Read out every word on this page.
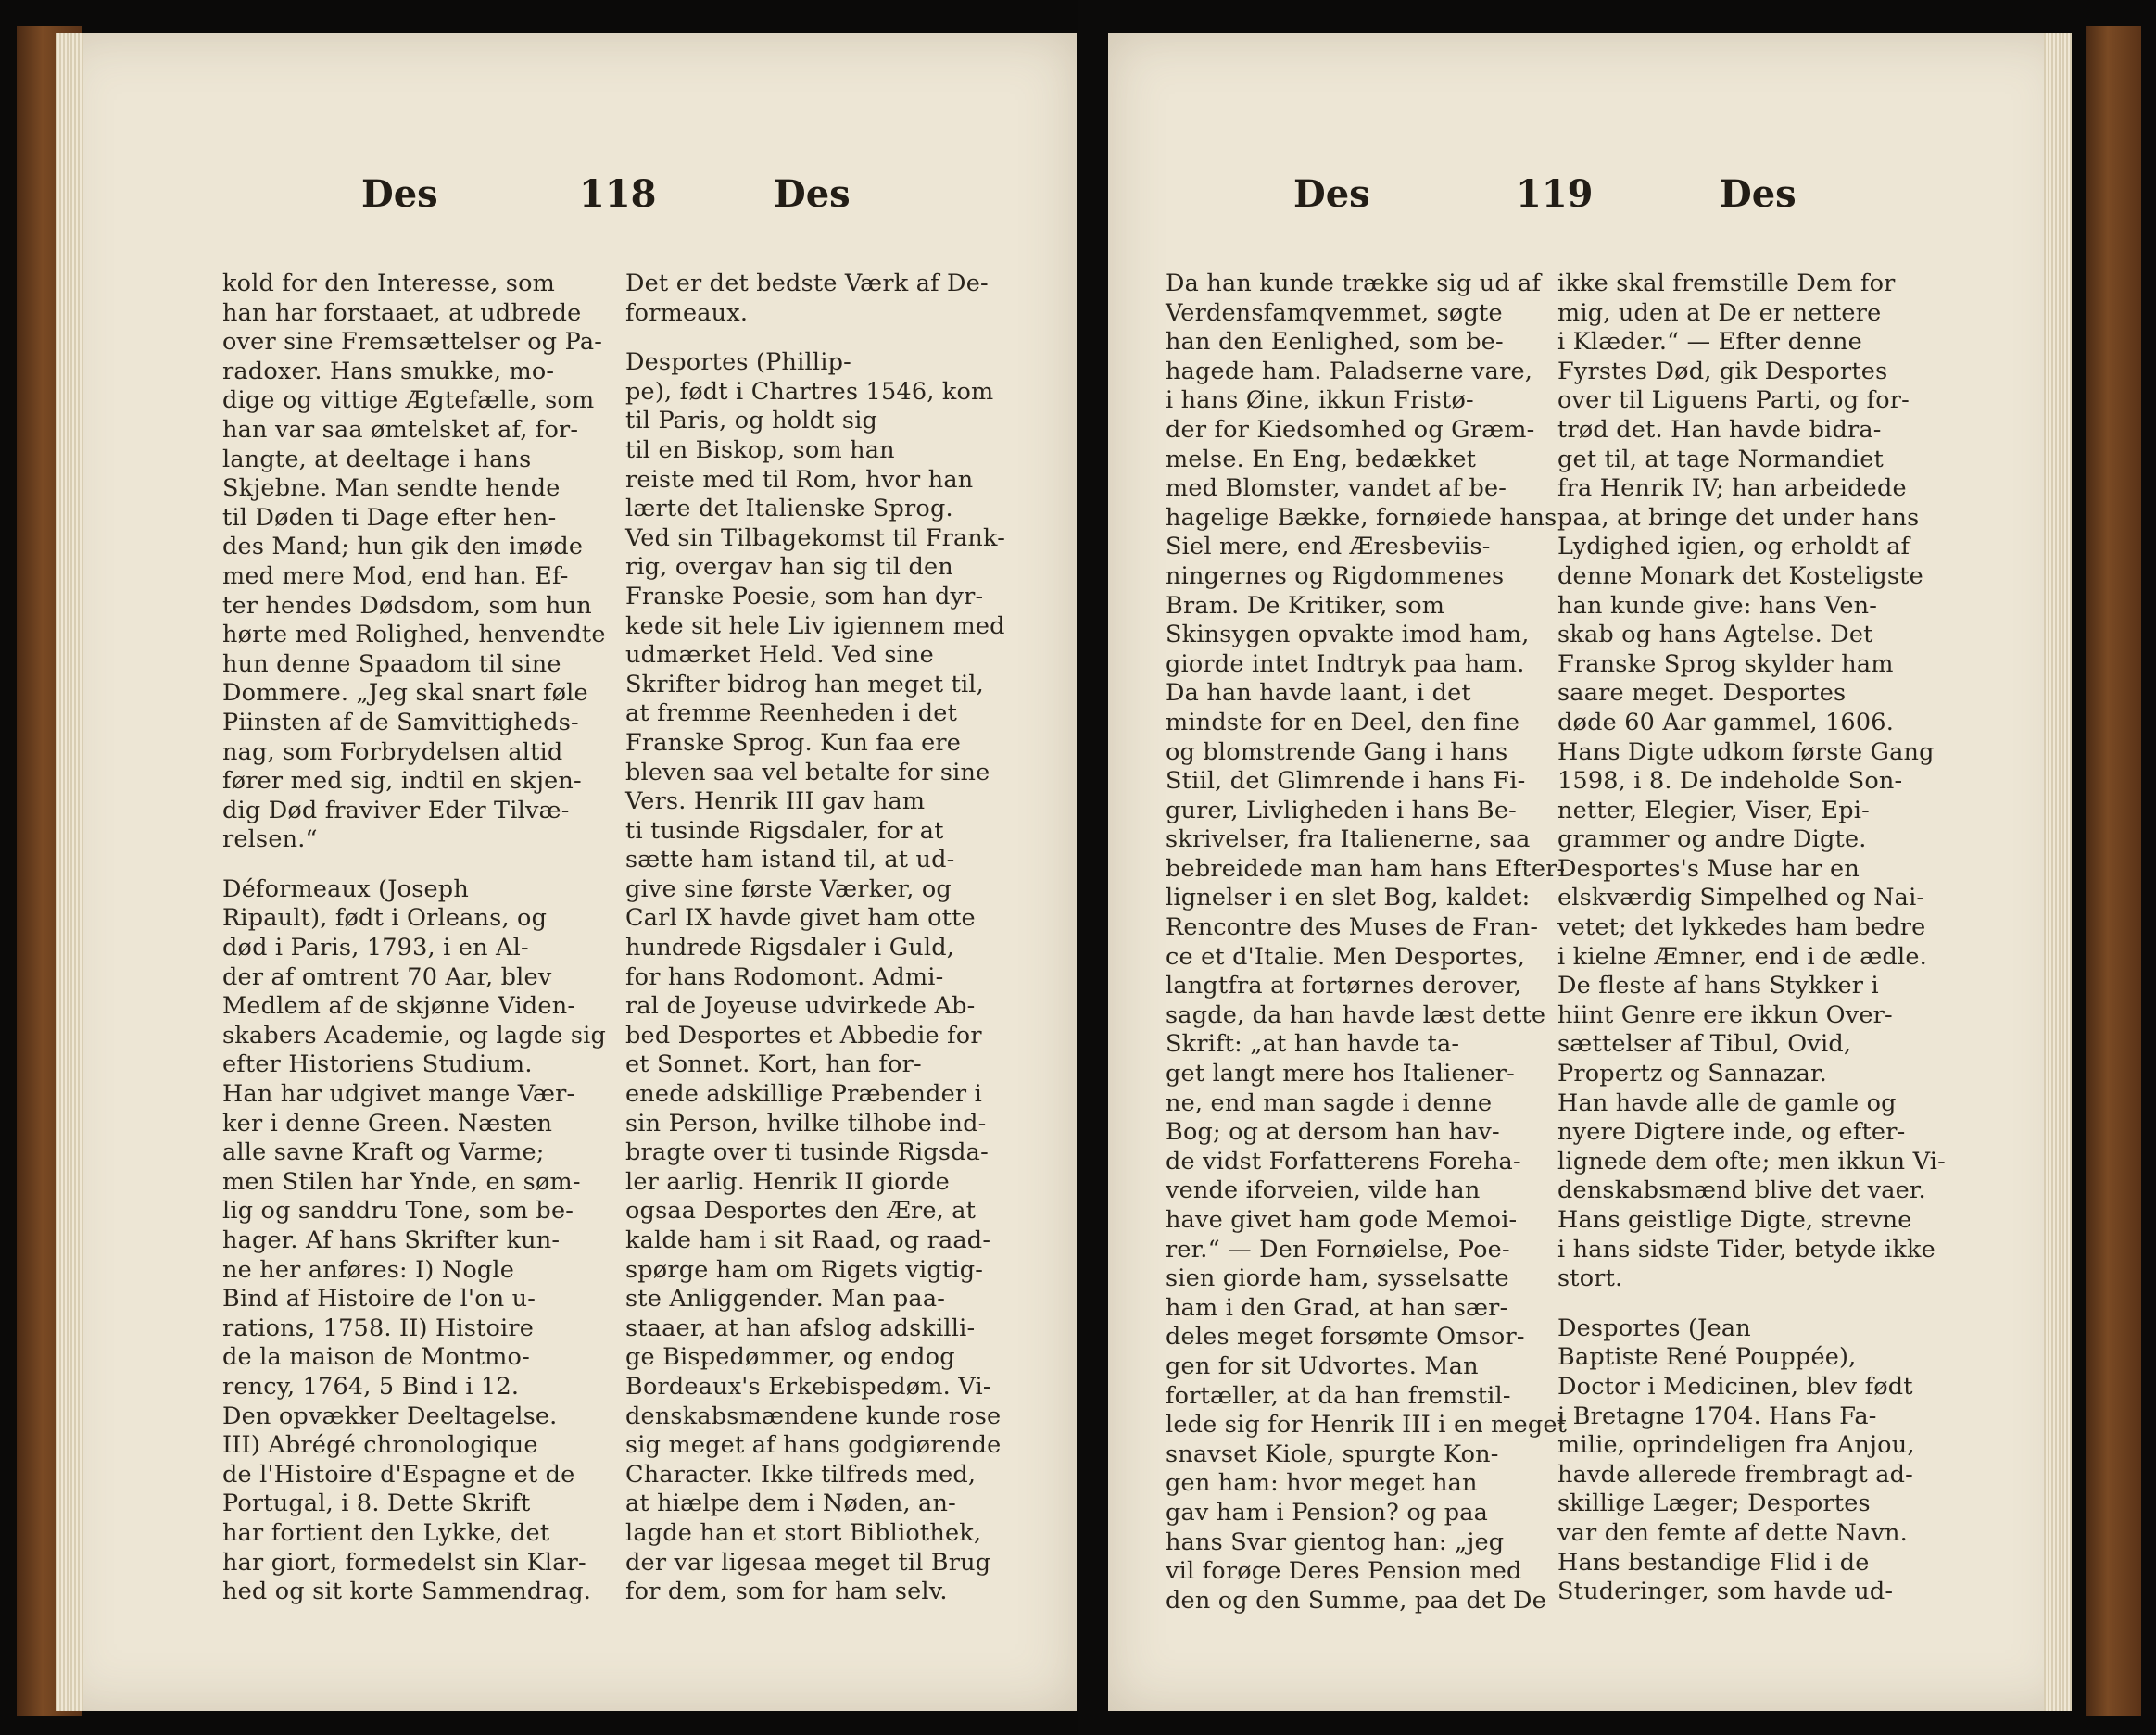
Des	118	Des
kold for den Interesse, som
han har forstaaet, at udbrede
over sine Fremsættelser og Pa-
radoxer. Hans smukke, mo-
dige og vittige Ægtefælle, som
han var saa ømtelsket af, for-
langte, at deeltage i hans
Skjebne. Man sendte hende
til Døden ti Dage efter hen-
des Mand; hun gik den imøde
med mere Mod, end han. Ef-
ter hendes Dødsdom, som hun
hørte med Rolighed, henvendte
hun denne Spaadom til sine
Dommere. „Jeg skal snart føle
Piinsten af de Samvittigheds-
nag, som Forbrydelsen altid
fører med sig, indtil en skjen-
dig Død fraviver Eder Tilvæ-
relsen.“
Déformeaux (Joseph
Ripault), født i Orleans, og
død i Paris, 1793, i en Al-
der af omtrent 70 Aar, blev
Medlem af de skjønne Viden-
skabers Academie, og lagde sig
efter Historiens Studium.
Han har udgivet mange Vær-
ker i denne Green. Næsten
alle savne Kraft og Varme;
men Stilen har Ynde, en søm-
lig og sanddru Tone, som be-
hager. Af hans Skrifter kun-
ne her anføres: I) Nogle
Bind af Histoire de l'on u-
rations, 1758. II) Histoire
de la maison de Montmo-
rency, 1764, 5 Bind i 12.
Den opvækker Deeltagelse.
III) Abrégé chronologique
de l'Histoire d'Espagne et de
Portugal, i 8. Dette Skrift
har fortient den Lykke, det
har giort, formedelst sin Klar-
hed og sit korte Sammendrag.
Det er det bedste Værk af De-
formeaux.
Desportes (Phillip-
pe), født i Chartres 1546, kom
til Paris, og holdt sig
til en Biskop, som han
reiste med til Rom, hvor han
lærte det Italienske Sprog.
Ved sin Tilbagekomst til Frank-
rig, overgav han sig til den
Franske Poesie, som han dyr-
kede sit hele Liv igiennem med
udmærket Held. Ved sine
Skrifter bidrog han meget til,
at fremme Reenheden i det
Franske Sprog. Kun faa ere
bleven saa vel betalte for sine
Vers. Henrik III gav ham
ti tusinde Rigsdaler, for at
sætte ham istand til, at ud-
give sine første Værker, og
Carl IX havde givet ham otte
hundrede Rigsdaler i Guld,
for hans Rodomont. Admi-
ral de Joyeuse udvirkede Ab-
bed Desportes et Abbedie for
et Sonnet. Kort, han for-
enede adskillige Præbender i
sin Person, hvilke tilhobe ind-
bragte over ti tusinde Rigsda-
ler aarlig. Henrik II giorde
ogsaa Desportes den Ære, at
kalde ham i sit Raad, og raad-
spørge ham om Rigets vigtig-
ste Anliggender. Man paa-
staaer, at han afslog adskilli-
ge Bispedømmer, og endog
Bordeaux's Erkebispedøm. Vi-
denskabsmændene kunde rose
sig meget af hans godgiørende
Character. Ikke tilfreds med,
at hiælpe dem i Nøden, an-
lagde han et stort Bibliothek,
der var ligesaa meget til Brug
for dem, som for ham selv.
Des	119	Des
Da han kunde trække sig ud af
Verdensfamqvemmet, søgte
han den Eenlighed, som be-
hagede ham. Paladserne vare,
i hans Øine, ikkun Fristø-
der for Kiedsomhed og Græm-
melse. En Eng, bedækket
med Blomster, vandet af be-
hagelige Bække, fornøiede hans
Siel mere, end Æresbeviis-
ningernes og Rigdommenes
Bram. De Kritiker, som
Skinsygen opvakte imod ham,
giorde intet Indtryk paa ham.
Da han havde laant, i det
mindste for en Deel, den fine
og blomstrende Gang i hans
Stiil, det Glimrende i hans Fi-
gurer, Livligheden i hans Be-
skrivelser, fra Italienerne, saa
bebreidede man ham hans Efter-
lignelser i en slet Bog, kaldet:
Rencontre des Muses de Fran-
ce et d'Italie. Men Desportes,
langtfra at fortørnes derover,
sagde, da han havde læst dette
Skrift: „at han havde ta-
get langt mere hos Italiener-
ne, end man sagde i denne
Bog; og at dersom han hav-
de vidst Forfatterens Foreha-
vende iforveien, vilde han
have givet ham gode Memoi-
rer.“ — Den Fornøielse, Poe-
sien giorde ham, sysselsatte
ham i den Grad, at han sær-
deles meget forsømte Omsor-
gen for sit Udvortes. Man
fortæller, at da han fremstil-
lede sig for Henrik III i en meget
snavset Kiole, spurgte Kon-
gen ham: hvor meget han
gav ham i Pension? og paa
hans Svar gientog han: „jeg
vil forøge Deres Pension med
den og den Summe, paa det De
ikke skal fremstille Dem for
mig, uden at De er nettere
i Klæder.“ — Efter denne
Fyrstes Død, gik Desportes
over til Liguens Parti, og for-
trød det. Han havde bidra-
get til, at tage Normandiet
fra Henrik IV; han arbeidede
paa, at bringe det under hans
Lydighed igien, og erholdt af
denne Monark det Kosteligste
han kunde give: hans Ven-
skab og hans Agtelse. Det
Franske Sprog skylder ham
saare meget. Desportes
døde 60 Aar gammel, 1606.
Hans Digte udkom første Gang
1598, i 8. De indeholde Son-
netter, Elegier, Viser, Epi-
grammer og andre Digte.
Desportes's Muse har en
elskværdig Simpelhed og Nai-
vetet; det lykkedes ham bedre
i kielne Æmner, end i de ædle.
De fleste af hans Stykker i
hiint Genre ere ikkun Over-
sættelser af Tibul, Ovid,
Propertz og Sannazar.
Han havde alle de gamle og
nyere Digtere inde, og efter-
lignede dem ofte; men ikkun Vi-
denskabsmænd blive det vaer.
Hans geistlige Digte, strevne
i hans sidste Tider, betyde ikke
stort.
Desportes (Jean
Baptiste René Pouppée),
Doctor i Medicinen, blev født
i Bretagne 1704. Hans Fa-
milie, oprindeligen fra Anjou,
havde allerede frembragt ad-
skillige Læger; Desportes
var den femte af dette Navn.
Hans bestandige Flid i de
Studeringer, som havde ud-
